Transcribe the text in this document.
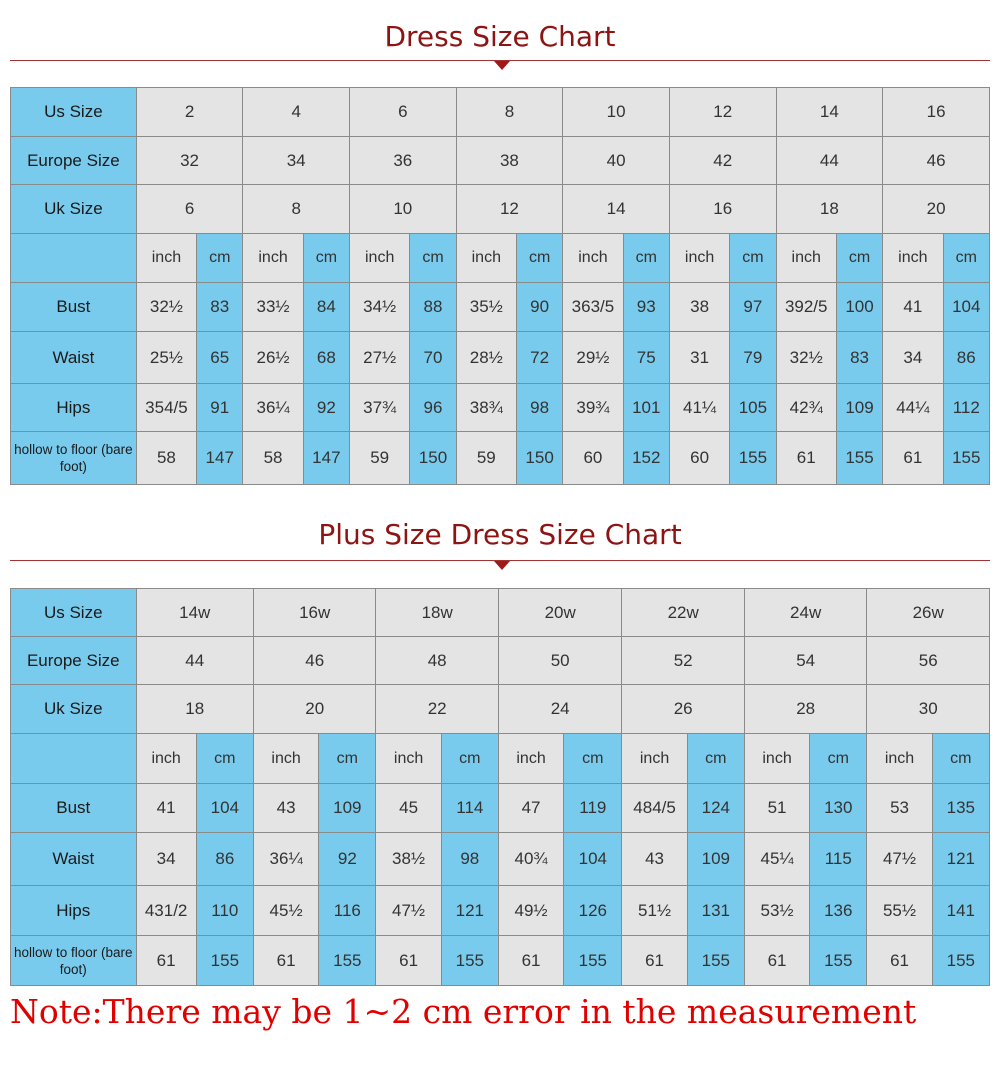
Dress Size Chart
Us Size	2		4		6		8		10		12		14		16	
Europe Size	32		34		36		38		40		42		44		46	
Uk Size	6		8		10		12		14		16		18		20	
	inch	cm	inch	cm	inch	cm	inch	cm	inch	cm	inch	cm	inch	cm	inch	cm
Bust	32½	83	33½	84	34½	88	35½	90	363/5	93	38	97	392/5	100	41	104
Waist	25½	65	26½	68	27½	70	28½	72	29½	75	31	79	32½	83	34	86
Hips	354/5	91	36¼	92	37¾	96	38¾	98	39¾	101	41¼	105	42¾	109	44¼	112
hollow to floor (bare foot)	58	147	58	147	59	150	59	150	60	152	60	155	61	155	61	155
Plus Size Dress Size Chart
Us Size	14w		16w		18w		20w		22w		24w		26w	
Europe Size	44		46		48		50		52		54		56	
Uk Size	18		20		22		24		26		28		30	
	inch	cm	inch	cm	inch	cm	inch	cm	inch	cm	inch	cm	inch	cm
Bust	41	104	43	109	45	114	47	119	484/5	124	51	130	53	135
Waist	34	86	36¼	92	38½	98	40¾	104	43	109	45¼	115	47½	121
Hips	431/2	110	45½	116	47½	121	49½	126	51½	131	53½	136	55½	141
hollow to floor (bare foot)	61	155	61	155	61	155	61	155	61	155	61	155	61	155
Note:There may be 1~2 cm error in the measurement
